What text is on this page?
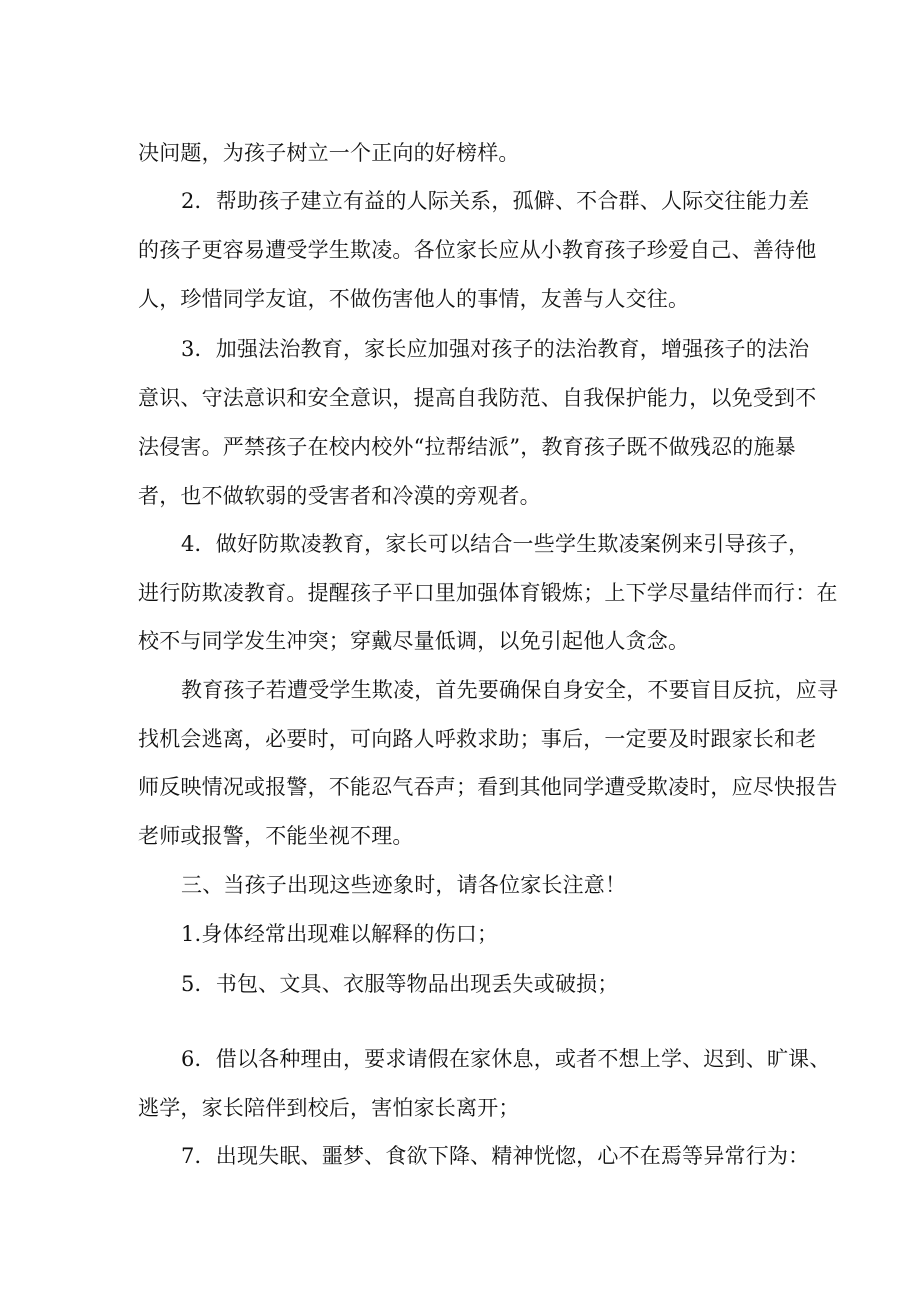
决问题，为孩子树立一个正向的好榜样。
2．帮助孩子建立有益的人际关系，孤僻、不合群、人际交往能力差
的孩子更容易遭受学生欺凌。各位家长应从小教育孩子珍爱自己、善待他
人，珍惜同学友谊，不做伤害他人的事情，友善与人交往。
3．加强法治教育，家长应加强对孩子的法治教育，增强孩子的法治
意识、守法意识和安全意识，提高自我防范、自我保护能力，以免受到不
法侵害。严禁孩子在校内校外“拉帮结派”，教育孩子既不做残忍的施暴
者，也不做软弱的受害者和冷漠的旁观者。
4．做好防欺凌教育，家长可以结合一些学生欺凌案例来引导孩子，
进行防欺凌教育。提醒孩子平口里加强体育锻炼；上下学尽量结伴而行：在
校不与同学发生冲突；穿戴尽量低调，以免引起他人贪念。
教育孩子若遭受学生欺凌，首先要确保自身安全，不要盲目反抗，应寻
找机会逃离，必要时，可向路人呼救求助；事后，一定要及时跟家长和老
师反映情况或报警，不能忍气吞声；看到其他同学遭受欺凌时，应尽快报告
老师或报警，不能坐视不理。
三、当孩子出现这些迹象时，请各位家长注意！
1.身体经常出现难以解释的伤口；
5．书包、文具、衣服等物品出现丢失或破损；
6．借以各种理由，要求请假在家休息，或者不想上学、迟到、旷课、
逃学，家长陪伴到校后，害怕家长离开；
7．出现失眠、噩梦、食欲下降、精神恍惚，心不在焉等异常行为：
